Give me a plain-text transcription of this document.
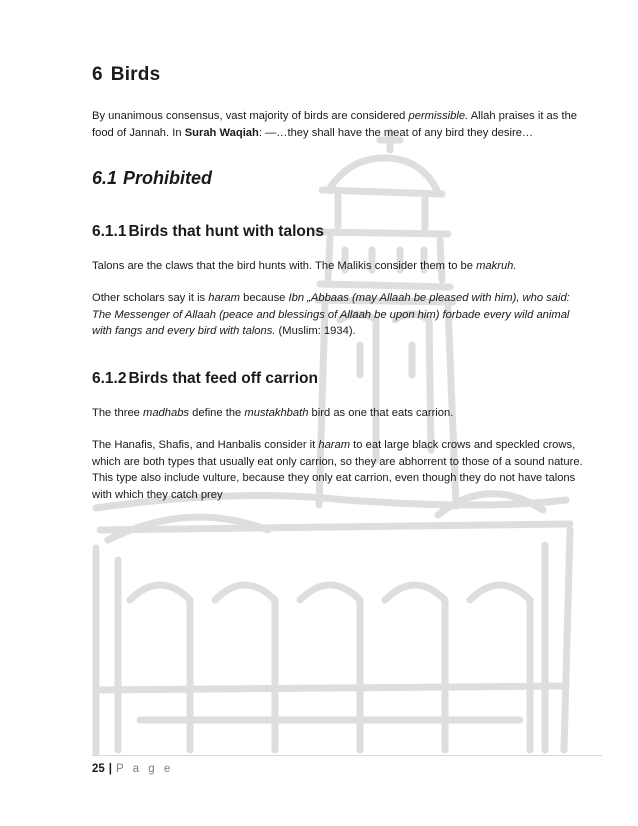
6 Birds
By unanimous consensus, vast majority of birds are considered permissible. Allah praises it as the food of Jannah. In Surah Waqiah: —…they shall have the meat of any bird they desire…
6.1 Prohibited
6.1.1 Birds that hunt with talons
Talons are the claws that the bird hunts with. The Malikis consider them to be makruh.
Other scholars say it is haram because Ibn „Abbaas (may Allaah be pleased with him), who said: The Messenger of Allaah (peace and blessings of Allaah be upon him) forbade every wild animal with fangs and every bird with talons. (Muslim: 1934).
6.1.2 Birds that feed off carrion
The three madhabs define the mustakhbath bird as one that eats carrion.
The Hanafis, Shafis, and Hanbalis consider it haram to eat large black crows and speckled crows, which are both types that usually eat only carrion, so they are abhorrent to those of a sound nature. This type also include vulture, because they only eat carrion, even though they do not have talons with which they catch prey
25 | P a g e
